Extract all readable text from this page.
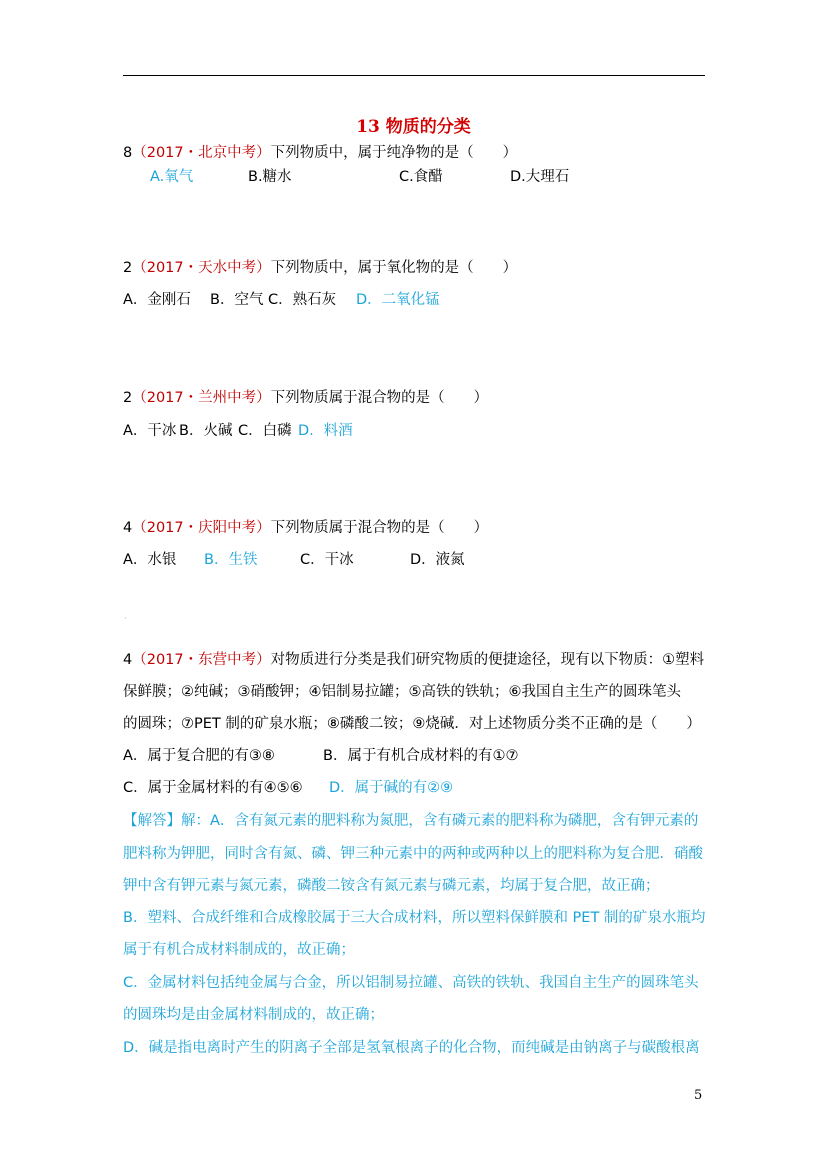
13 物质的分类
8（2017・北京中考）下列物质中，属于纯净物的是（　　）
A.氧气	B.糖水	C.食醋	D.大理石
2（2017・天水中考）下列物质中，属于氧化物的是（　　）
A．金刚石 B．空气 C．熟石灰 D．二氧化锰
2（2017・兰州中考）下列物质属于混合物的是（　　）
A．干冰 B．火碱 C．白磷 D．料酒
4（2017・庆阳中考）下列物质属于混合物的是（　　）
A．水银 B．生铁	C．干冰	D．液氮
·
4（2017・东营中考）对物质进行分类是我们研究物质的便捷途径，现有以下物质：①塑料
保鲜膜；②纯碱；③硝酸钾；④铝制易拉罐；⑤高铁的铁轨；⑥我国自主生产的圆珠笔头
的圆珠；⑦PET 制的矿泉水瓶；⑧磷酸二铵；⑨烧碱．对上述物质分类不正确的是（　　）
A．属于复合肥的有③⑧	B．属于有机合成材料的有①⑦
C．属于金属材料的有④⑤⑥ D．属于碱的有②⑨
【解答】解：A．含有氮元素的肥料称为氮肥，含有磷元素的肥料称为磷肥，含有钾元素的
肥料称为钾肥，同时含有氮、磷、钾三种元素中的两种或两种以上的肥料称为复合肥．硝酸
钾中含有钾元素与氮元素，磷酸二铵含有氮元素与磷元素，均属于复合肥，故正确；
B．塑料、合成纤维和合成橡胶属于三大合成材料，所以塑料保鲜膜和 PET 制的矿泉水瓶均
属于有机合成材料制成的，故正确；
C．金属材料包括纯金属与合金，所以铝制易拉罐、高铁的铁轨、我国自主生产的圆珠笔头
的圆珠均是由金属材料制成的，故正确；
D．碱是指电离时产生的阴离子全部是氢氧根离子的化合物，而纯碱是由钠离子与碳酸根离
5
